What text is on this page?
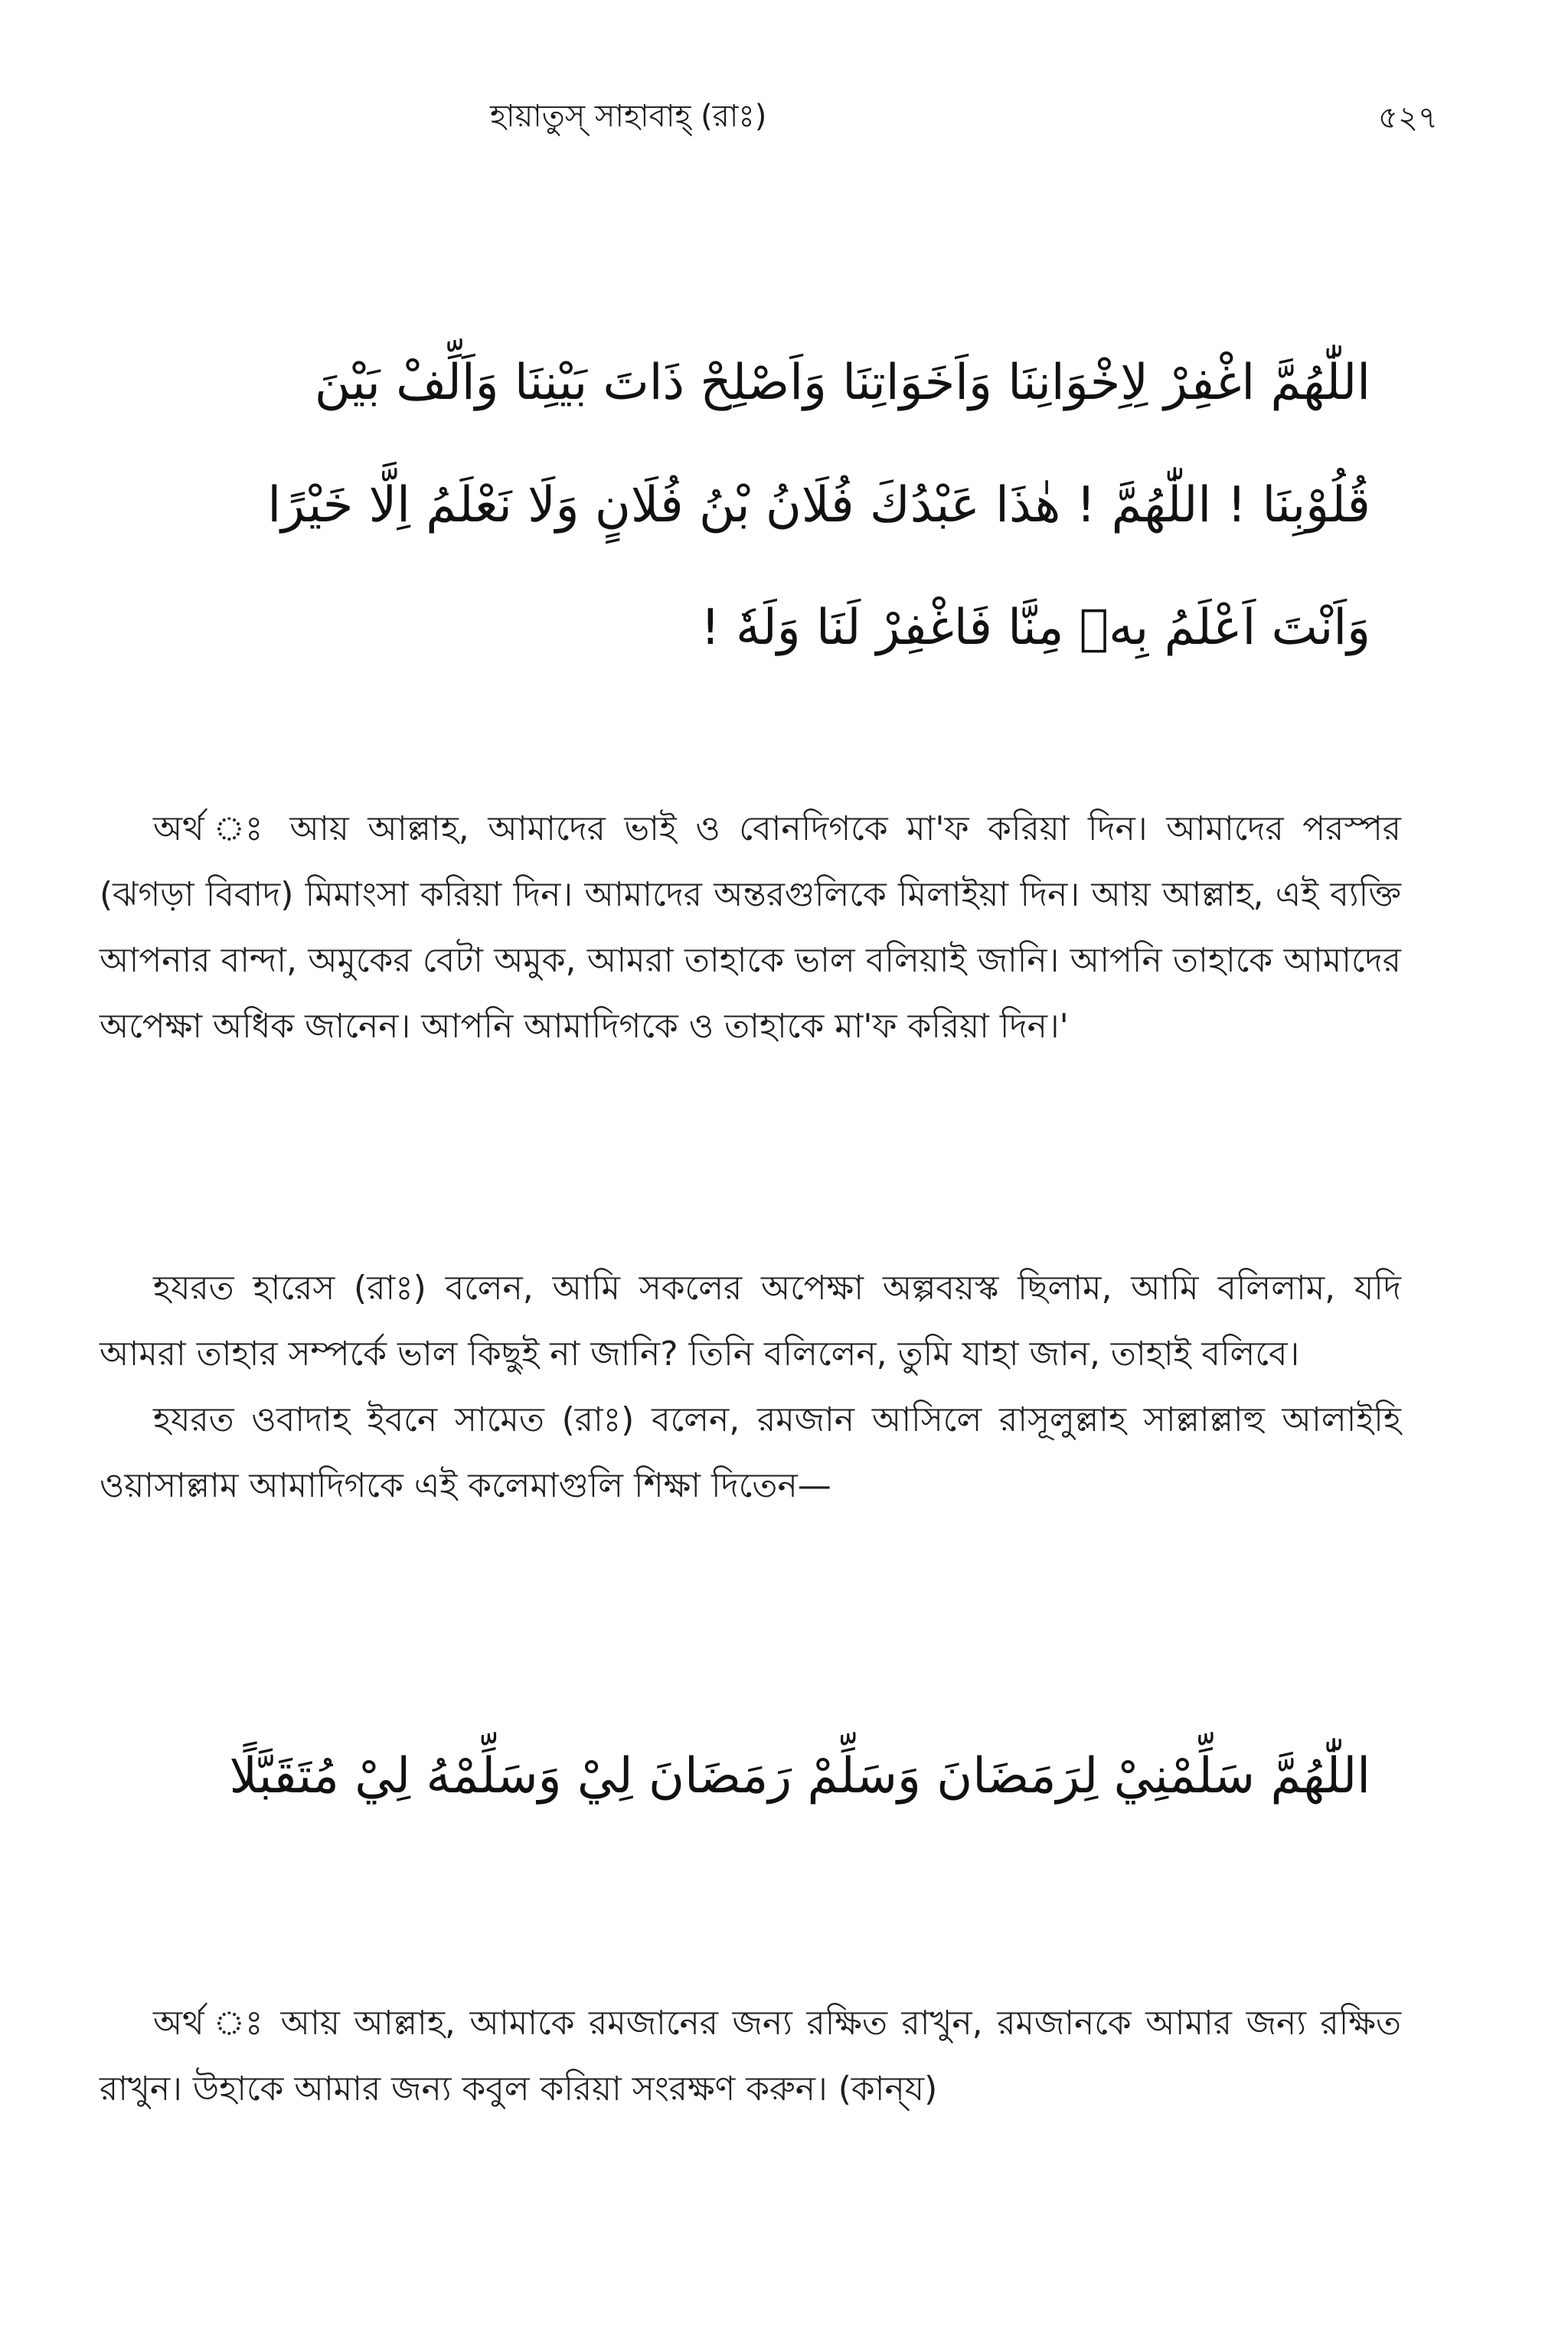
হায়াতুস্ সাহাবাহ্ (রাঃ)	৫২৭
اللّٰهُمَّ اغْفِرْ لِاِخْوَانِنَا وَاَخَوَاتِنَا وَاَصْلِحْ ذَاتَ بَيْنِنَا وَاَلِّفْ بَيْنَ
قُلُوْبِنَا ! اللّٰهُمَّ ! هٰذَا عَبْدُكَ فُلَانُ بْنُ فُلَانٍ وَلَا نَعْلَمُ اِلَّا خَيْرًا
وَاَنْتَ اَعْلَمُ بِهٖ مِنَّا فَاغْفِرْ لَنَا وَلَهٗ !

অর্থ ঃ আয় আল্লাহ, আমাদের ভাই ও বোনদিগকে মা'ফ করিয়া দিন। আমাদের পরস্পর (ঝগড়া বিবাদ) মিমাংসা করিয়া দিন। আমাদের অন্তরগুলিকে মিলাইয়া দিন। আয় আল্লাহ, এই ব্যক্তি আপনার বান্দা, অমুকের বেটা অমুক, আমরা তাহাকে ভাল বলিয়াই জানি। আপনি তাহাকে আমাদের অপেক্ষা অধিক জানেন। আপনি আমাদিগকে ও তাহাকে মা'ফ করিয়া দিন।'

হযরত হারেস (রাঃ) বলেন, আমি সকলের অপেক্ষা অল্পবয়স্ক ছিলাম, আমি বলিলাম, যদি আমরা তাহার সম্পর্কে ভাল কিছুই না জানি? তিনি বলিলেন, তুমি যাহা জান, তাহাই বলিবে।

হযরত ওবাদাহ ইবনে সামেত (রাঃ) বলেন, রমজান আসিলে রাসূলুল্লাহ সাল্লাল্লাহু আলাইহি ওয়াসাল্লাম আমাদিগকে এই কলেমাগুলি শিক্ষা দিতেন—

اللّٰهُمَّ سَلِّمْنِيْ لِرَمَضَانَ وَسَلِّمْ رَمَضَانَ لِيْ وَسَلِّمْهُ لِيْ مُتَقَبَّلًا

অর্থ ঃ আয় আল্লাহ, আমাকে রমজানের জন্য রক্ষিত রাখুন, রমজানকে আমার জন্য রক্ষিত রাখুন। উহাকে আমার জন্য কবুল করিয়া সংরক্ষণ করুন। (কান্‌য)
